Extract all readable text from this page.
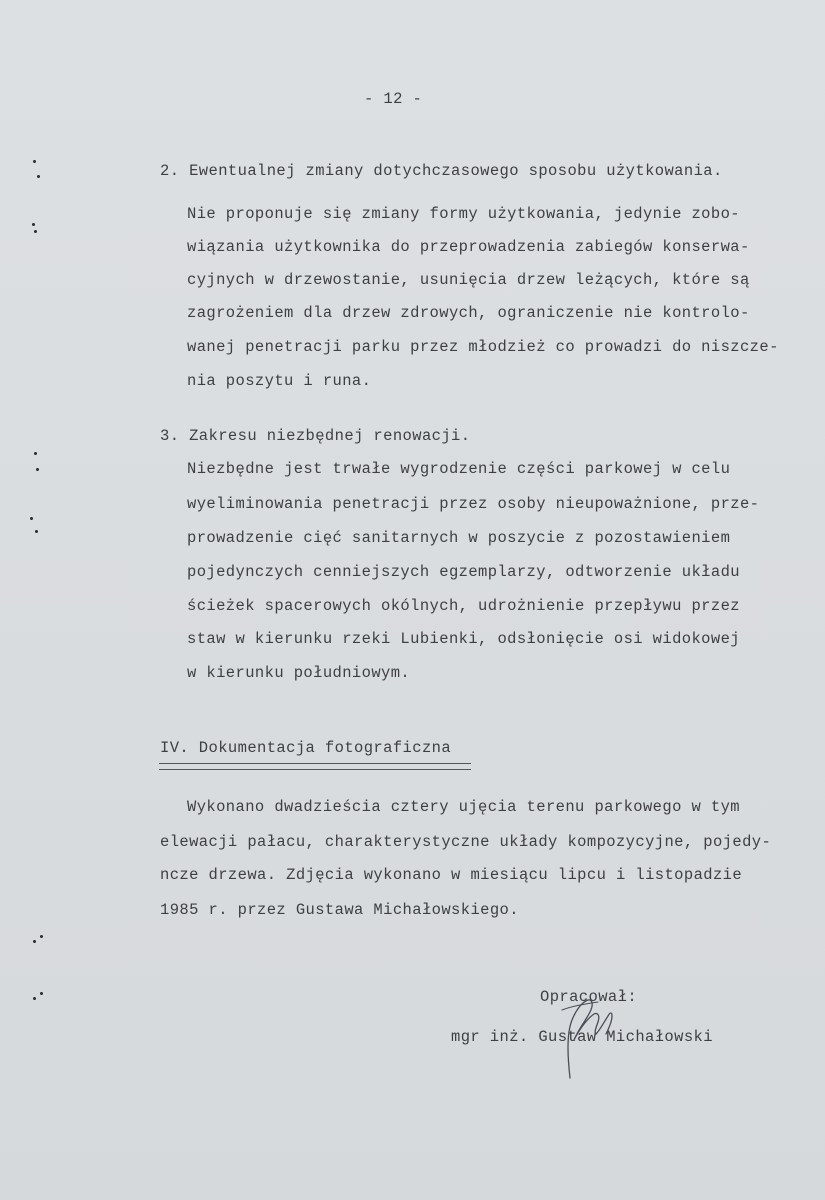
- 12 -
2. Ewentualnej zmiany dotychczasowego sposobu użytkowania.
Nie proponuje się zmiany formy użytkowania, jedynie zobo-
wiązania użytkownika do przeprowadzenia zabiegów konserwa-
cyjnych w drzewostanie, usunięcia drzew leżących, które są
zagrożeniem dla drzew zdrowych, ograniczenie nie kontrolo-
wanej penetracji parku przez młodzież co prowadzi do niszcze-
nia poszytu i runa.
3. Zakresu niezbędnej renowacji.
Niezbędne jest trwałe wygrodzenie części parkowej w celu
wyeliminowania penetracji przez osoby nieupoważnione, prze-
prowadzenie cięć sanitarnych w poszycie z pozostawieniem
pojedynczych cenniejszych egzemplarzy, odtworzenie układu
ścieżek spacerowych okólnych, udrożnienie przepływu przez
staw w kierunku rzeki Lubienki, odsłonięcie osi widokowej
w kierunku południowym.
IV. Dokumentacja fotograficzna
Wykonano dwadzieścia cztery ujęcia terenu parkowego w tym
elewacji pałacu, charakterystyczne układy kompozycyjne, pojedy-
ncze drzewa. Zdjęcia wykonano w miesiącu lipcu i listopadzie
1985 r. przez Gustawa Michałowskiego.
Opracował:
mgr inż. Gustaw Michałowski
